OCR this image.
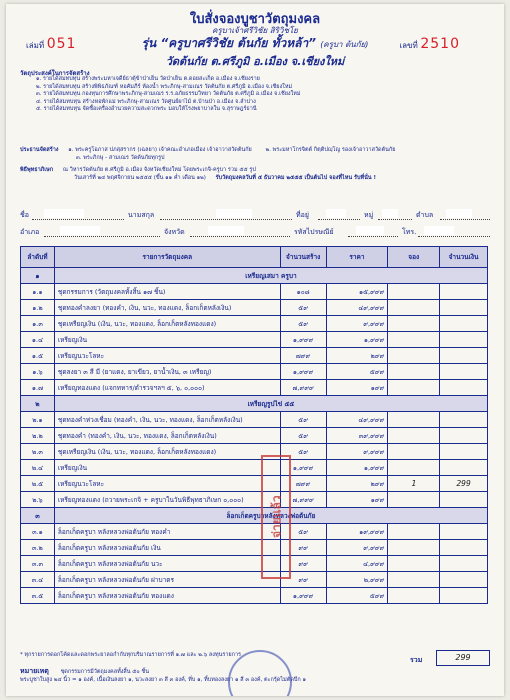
เล่มที่ 051	เลขที่ 2510
ใบสั่งจองบูชาวัตถุมงคล
ครูบาเจ้าศรีวิชัย สิริวิชโย
รุ่น “ครูบาศรีวิชัย ต้นกัย ทั้วหล้า” (ครูบา ต้นกัย)
วัดต้นกัย ต.ศรีภูมิ อ.เมือง จ.เชียงใหม่
วัตถุประสงค์ในการจัดสร้าง
๑. รายได้สมทบทุน สร้างพระมหาเจดีย์ธาตุ้ข้าป่าเย็น วัดป่าเย็น ต.ดอยสะเก็ด อ.เมือง จ.เชียงราย
๒. รายได้สมทบทุน สร้างพิพิธภัณฑ์ หอคัมภีร์ ห้องน้ำ พระภิกษุ-สามเณร วัดต้นกัย ต.ศรีภูมิ อ.เมือง จ.เชียงใหม่
๓. รายได้สมทบทุน กองทุนการศึกษาพระภิกษุ-สามเณร ร.ร.อภัยธรรมวิทยา วัดต้นกัย ต.ศรีภูมิ อ.เมือง จ.เชียงใหม่
๔. รายได้สมทบทุน สร้างหอพักแม่ พระภิกษุ-สามเณร วัดศูนย์ผาไม้ ต.บ้านป่า อ.เมือง จ.ลำปาง
๕. รายได้สมทบทุน จัดซื้อเครื่องอำนวยความสะดวกพระ มอบให้โรงพยาบาลใน จ.สุราษฎร์ธานี
ประธานจัดสร้าง ๑. พระครูโอภาส ปภสฺสรากร (เฉลยา) เจ้าคณะอำเภอเมือง เจ้าอาวาสวัดต้นกัย	๒. พระมหาโกรจิตต์ กิตฺติปญฺโญ รองเจ้าอาวาสวัดต้นกัย
๓. พระภิกษุ - สามเณร วัดต้นกัยทุกรูป
พิธีพุทธาภิเษก ณ วิหารวัดต้นกัย ต.ศรีภูมิ อ.เมือง จังหวัดเชียงใหม่ โดยพระเกจิ-ครูบา รวม ๕๕ รูป
วันเสาร์ที่ ๒๔ พฤศจิกายน ๒๕๕๕ (ขึ้น ๑๑ ค่ำ เดือน ๑๒) รับวัตถุมงคลวันที่ ๕ ธันวาคม ๒๕๕๕ เป็นต้นไป จองที่ไหน รับที่นั่น !
ชื่อ	นามสกุล	ที่อยู่	หมู่	ตำบล
อำเภอ	จังหวัด	รหัสไปรษณีย์	โทร.
ลำดับที่	รายการวัตถุมงคล	จำนวนสร้าง	ราคา	จอง	จำนวนเงิน
๑	เหรียญเสมา ครูบา				
๑.๑	ชุดกรรมการ (วัตถุมงคลทั้งสิ้น ๑๗ ชิ้น)	๑๐๘	๑๕,๙๙๙		
๑.๒	ชุดทองคำลงยา (ทองคำ, เงิน, นวะ, ทองแดง, ล็อกเก็ตหลังเงิน)	๕๙	๔๙,๙๙๙		
๑.๓	ชุดเหรียญเงิน (เงิน, นวะ, ทองแดง, ล็อกเก็ตหลังทองแดง)	๕๙	๙,๙๙๙		
๑.๔	เหรียญเงิน	๑,๙๙๙	๑,๙๙๙		
๑.๕	เหรียญนวะโลหะ	๗๙๙	๒๙๙		
๑.๖	ชุดลงยา ๓ สี มี (ยาแดง, ยาเขียว, ยาน้ำเงิน, ๓ เหรียญ)	๑,๙๙๙	๕๙๙		
๑.๗	เหรียญทองแดง (แจกทหาร/ตำรวจฯลฯ ๕, ๖, ๐,๐๐๐)	๗,๙๙๙	๑๙๙		
๒	เหรียญรูปไข่ ๕๕				
๒.๑	ชุดทองคำห่วงเชื่อม (ทองคำ, เงิน, นวะ, ทองแดง, ล็อกเก็ตหลังเงิน)	๕๙	๔๙,๙๙๙		
๒.๒	ชุดทองคำ (ทองคำ, เงิน, นวะ, ทองแดง, ล็อกเก็ตหลังเงิน)	๕๙	๓๙,๙๙๙		
๒.๓	ชุดเหรียญเงิน (เงิน, นวะ, ทองแดง, ล็อกเก็ตหลังทองแดง)	๕๙	๙,๙๙๙		
๒.๔	เหรียญเงิน	๑,๙๙๙	๑,๙๙๙		
๒.๕	เหรียญนวะโลหะ	๗๙๙	๒๙๙	1	299
๒.๖	เหรียญทองแดง (ถวายพระเกจิ + ครูบาในวันพิธีพุทธาภิเษก ๐,๐๐๐)	๗,๙๙๙	๑๙๙		
๓	ล็อกเก็ตครูบาหลังหลวงพ่อต้นกัย				
๓.๑	ล็อกเก็ตครูบา หลังหลวงพ่อต้นกัย ทองคำ	๕๙	๑๙,๙๙๙		
๓.๒	ล็อกเก็ตครูบา หลังหลวงพ่อต้นกัย เงิน	๙๙	๙,๙๙๙		
๓.๓	ล็อกเก็ตครูบา หลังหลวงพ่อต้นกัย นวะ	๙๙	๔,๙๙๙		
๓.๔	ล็อกเก็ตครูบา หลังหลวงพ่อต้นกัย ฝาบาตร	๙๙	๒,๙๙๙		
๓.๕	ล็อกเก็ตครูบา หลังหลวงพ่อต้นกัย ทองแดง	๑,๙๙๙	๕๙๙		
จ่ายแล้ว
* ทุกรายการดอกโค้ดและดอกพระยาลอกำกับทุกบริมาณรายการที่ ๑.๗ และ ๒.๖ ลงทุนรายการ
รวม	299
หมายเหตุ ชุดกรรมการมีวัตถุมงคลทั้งสิ้น ๕๐ ชิ้น
พระบูชาใบสูง ๒๔ นิ้ว = ๑ องค์, เนื้อเงินลงยา ๑, นวะลงยา ๓ สี ๓ องค์, ที่บ ๑, ทิ้บทองลงยา ๑ สี ๓ องค์, ตะกรุ้ดไม่ตัดปีก ๑
